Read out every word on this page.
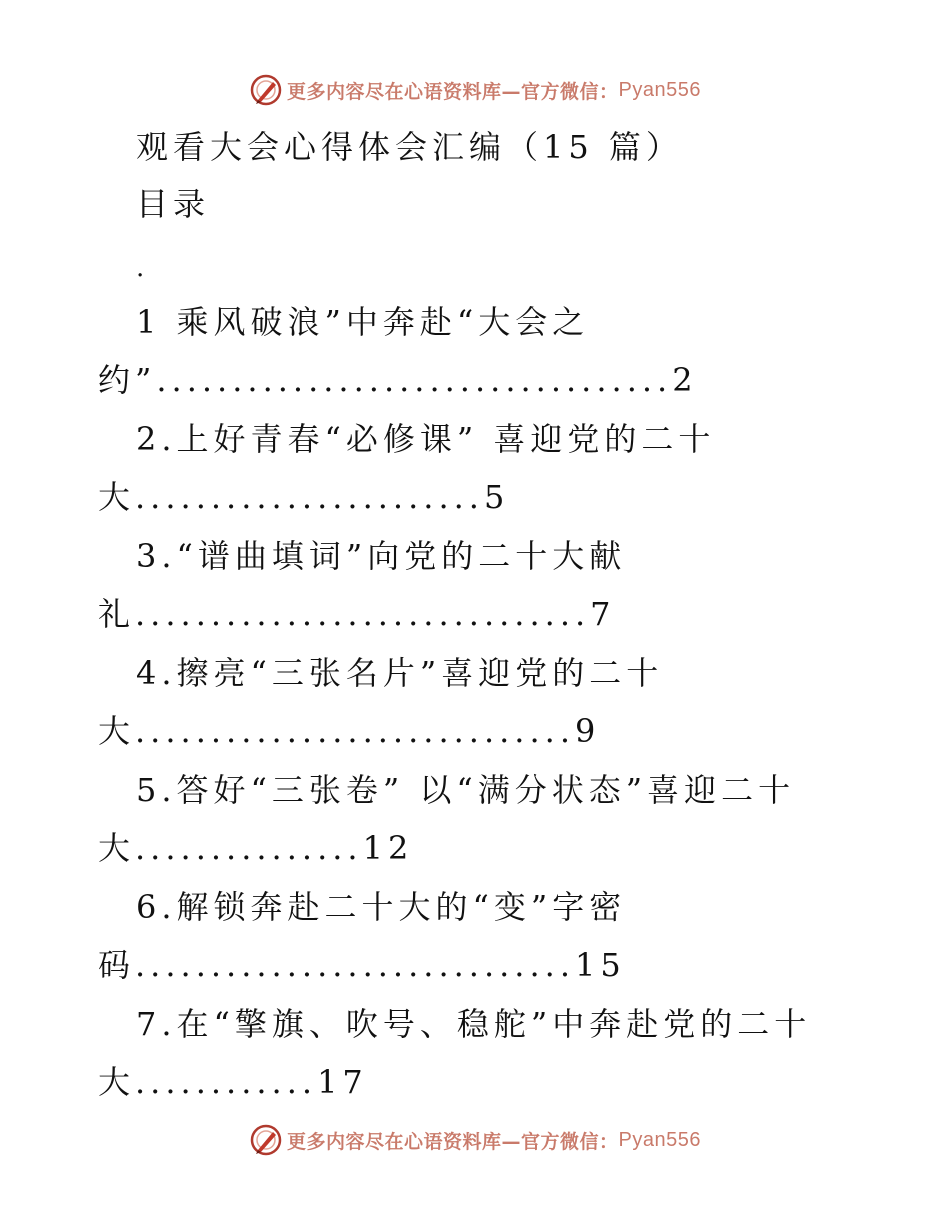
更多内容尽在心语资料库—官方微信： Pyan556
观看大会心得体会汇编（15 篇）
目录
.
1 乘风破浪”中奔赴“大会之
约”..................................2
2.上好青春“必修课” 喜迎党的二十
大.......................5
3.“谱曲填词”向党的二十大献
礼..............................7
4.擦亮“三张名片”喜迎党的二十
大.............................9
5.答好“三张卷” 以“满分状态”喜迎二十
大...............12
6.解锁奔赴二十大的“变”字密
码.............................15
7.在“擎旗、吹号、稳舵”中奔赴党的二十
大............17
更多内容尽在心语资料库—官方微信： Pyan556
